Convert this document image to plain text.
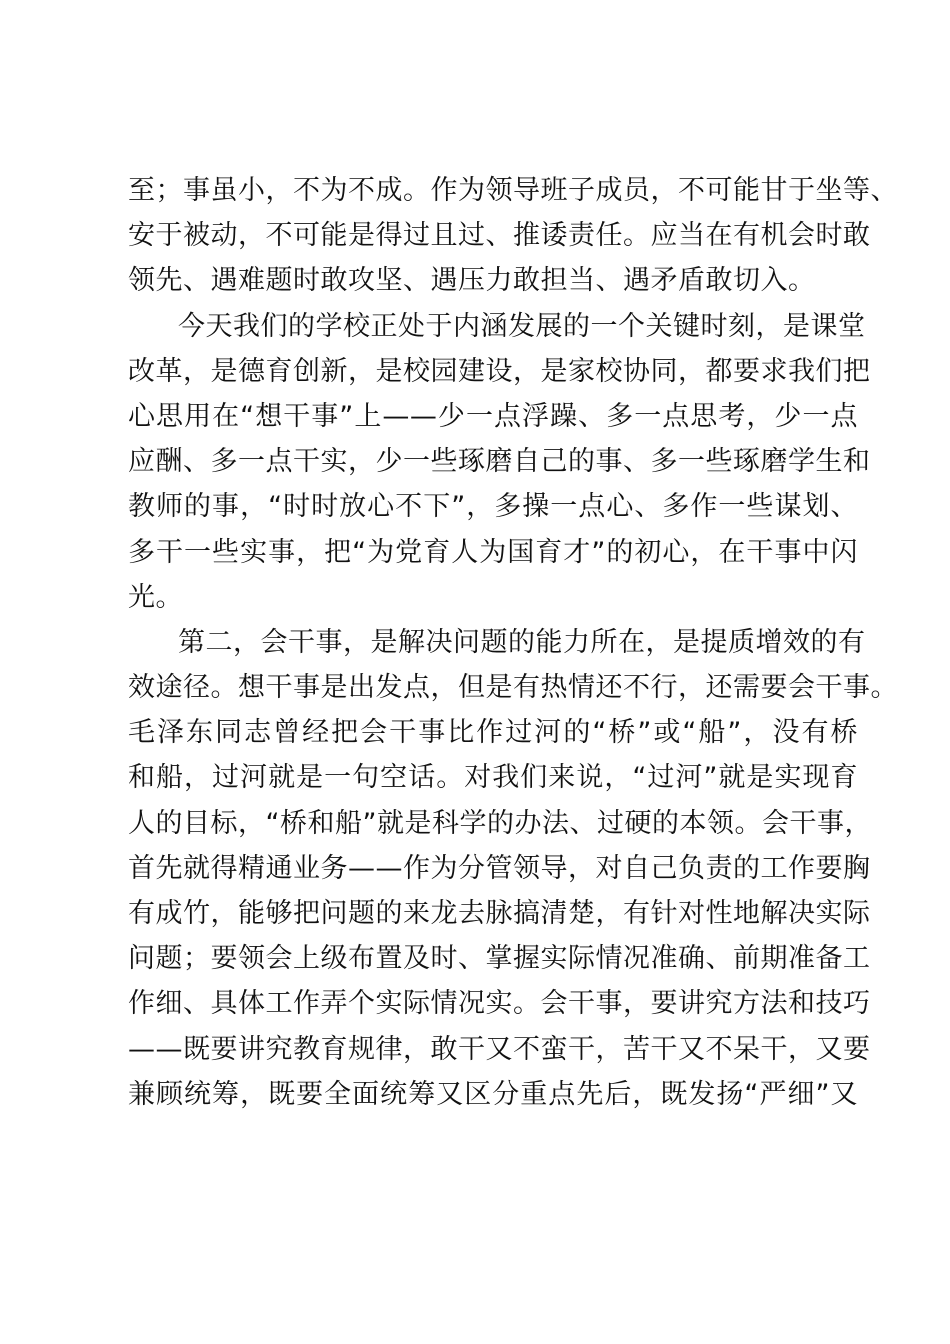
至；事虽小，不为不成。作为领导班子成员，不可能甘于坐等、
安于被动，不可能是得过且过、推诿责任。应当在有机会时敢
领先、遇难题时敢攻坚、遇压力敢担当、遇矛盾敢切入。
今天我们的学校正处于内涵发展的一个关键时刻，是课堂
改革，是德育创新，是校园建设，是家校协同，都要求我们把
心思用在“想干事”上——少一点浮躁、多一点思考，少一点
应酬、多一点干实，少一些琢磨自己的事、多一些琢磨学生和
教师的事，“时时放心不下”，多操一点心、多作一些谋划、
多干一些实事，把“为党育人为国育才”的初心，在干事中闪
光。
第二，会干事，是解决问题的能力所在，是提质增效的有
效途径。想干事是出发点，但是有热情还不行，还需要会干事。
毛泽东同志曾经把会干事比作过河的“桥”或“船”，没有桥
和船，过河就是一句空话。对我们来说，“过河”就是实现育
人的目标，“桥和船”就是科学的办法、过硬的本领。会干事，
首先就得精通业务——作为分管领导，对自己负责的工作要胸
有成竹，能够把问题的来龙去脉搞清楚，有针对性地解决实际
问题；要领会上级布置及时、掌握实际情况准确、前期准备工
作细、具体工作弄个实际情况实。会干事，要讲究方法和技巧
——既要讲究教育规律，敢干又不蛮干，苦干又不呆干，又要
兼顾统筹，既要全面统筹又区分重点先后，既发扬“严细”又
